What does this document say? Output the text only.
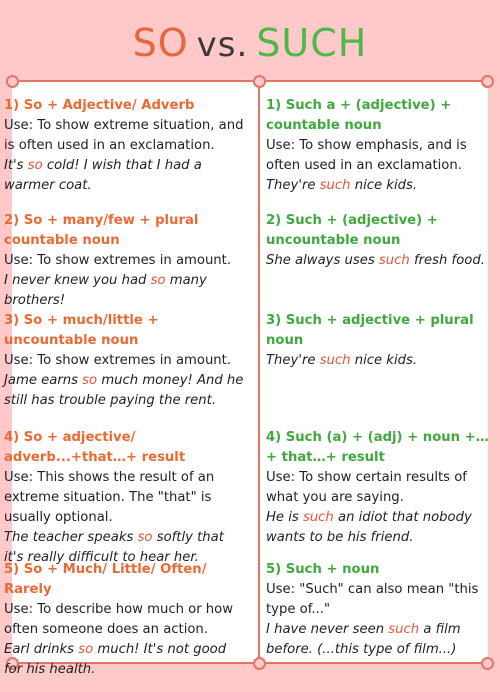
SO vs. SUCH
1) So + Adjective/ Adverb
Use: To show extreme situation, and is often used in an exclamation.
It's so cold! I wish that I had a warmer coat.
2) So + many/few + plural countable noun
Use: To show extremes in amount.
I never knew you had so many brothers!
3) So + much/little + uncountable noun
Use: To show extremes in amount.
Jame earns so much money! And he still has trouble paying the rent.
4) So + adjective/ adverb...+that…+ result
Use: This shows the result of an extreme situation. The "that" is usually optional.
The teacher speaks so softly that it's really difficult to hear her.
5) So + Much/ Little/ Often/ Rarely
Use: To describe how much or how often someone does an action.
Earl drinks so much! It's not good for his health.
1) Such a + (adjective) + countable noun
Use: To show emphasis, and is often used in an exclamation.
They're such nice kids.
2) Such + (adjective) + uncountable noun
She always uses such fresh food.
3) Such + adjective + plural noun
They're such nice kids.
4) Such (a) + (adj) + noun +…+ that…+ result
Use: To show certain results of what you are saying.
He is such an idiot that nobody wants to be his friend.
5) Such + noun
Use: "Such" can also mean "this type of..."
I have never seen such a film before. (...this type of film...)
